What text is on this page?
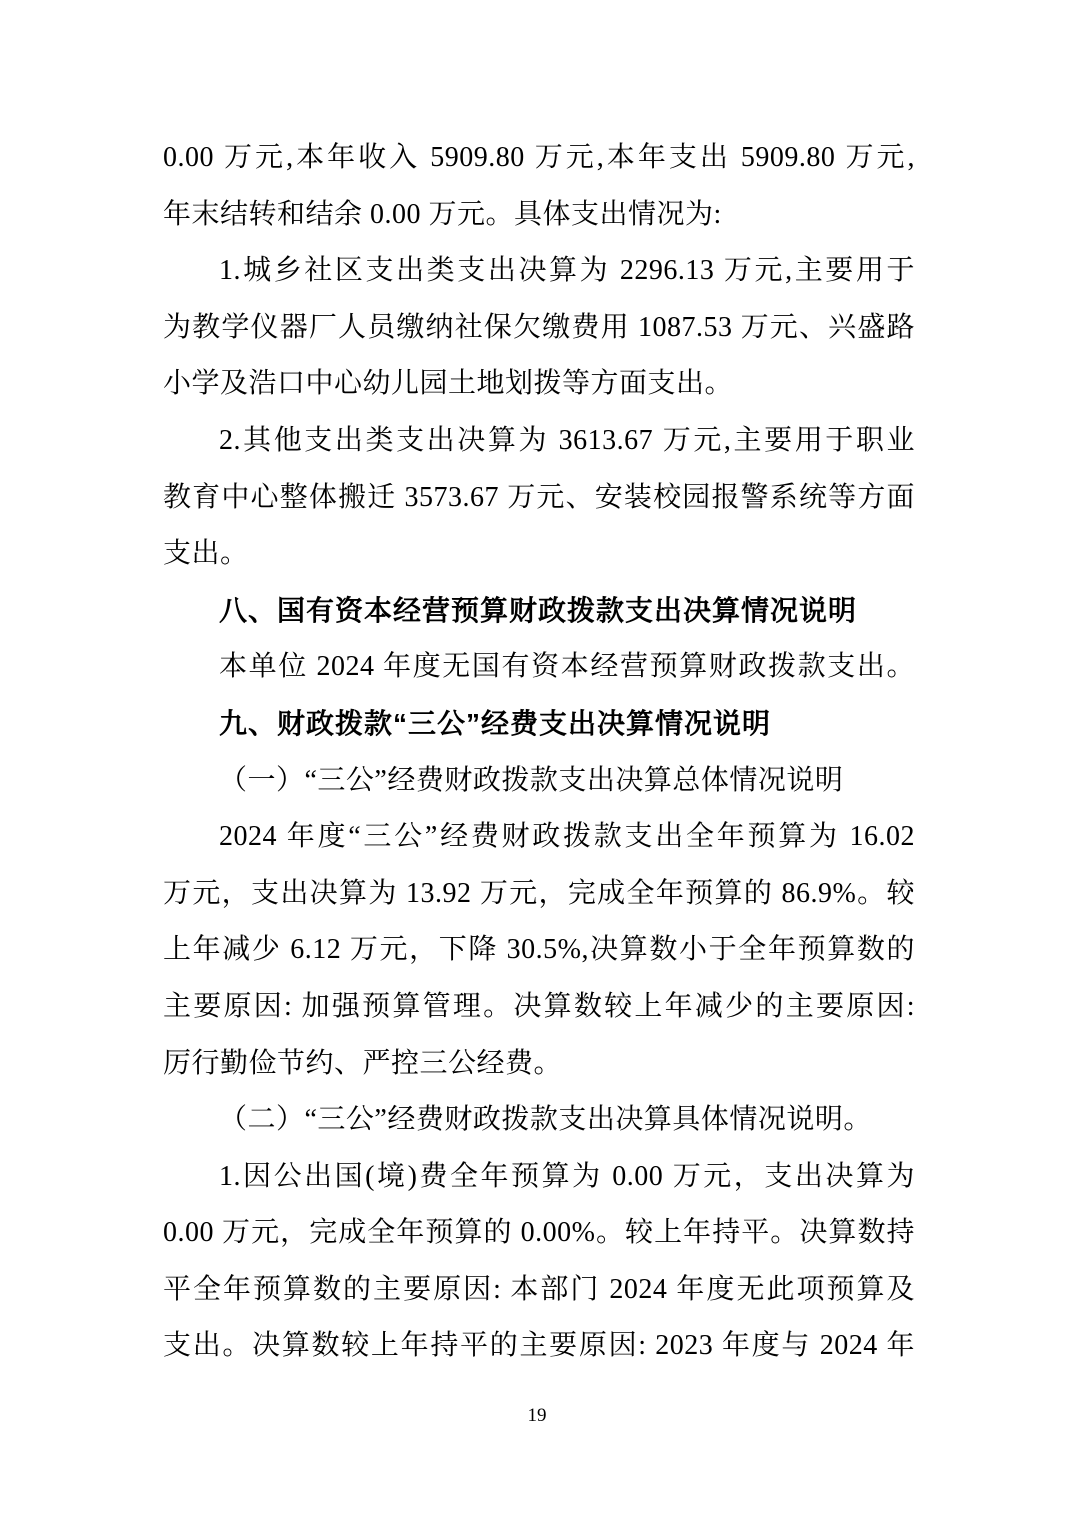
0.00 万元,本年收入 5909.80 万元,本年支出 5909.80 万元,
年末结转和结余 0.00 万元。具体支出情况为:
1.城乡社区支出类支出决算为 2296.13 万元,主要用于
为教学仪器厂人员缴纳社保欠缴费用 1087.53 万元、兴盛路
小学及浩口中心幼儿园土地划拨等方面支出。
2.其他支出类支出决算为 3613.67 万元,主要用于职业
教育中心整体搬迁 3573.67 万元、安装校园报警系统等方面
支出。
八、国有资本经营预算财政拨款支出决算情况说明
本单位 2024 年度无国有资本经营预算财政拨款支出。
九、财政拨款“三公”经费支出决算情况说明
（一）“三公”经费财政拨款支出决算总体情况说明
2024 年度“三公”经费财政拨款支出全年预算为 16.02
万元，支出决算为 13.92 万元，完成全年预算的 86.9%。较
上年减少 6.12 万元，下降 30.5%,决算数小于全年预算数的
主要原因: 加强预算管理。决算数较上年减少的主要原因:
厉行勤俭节约、严控三公经费。
（二）“三公”经费财政拨款支出决算具体情况说明。
1.因公出国(境)费全年预算为 0.00 万元，支出决算为
0.00 万元，完成全年预算的 0.00%。较上年持平。决算数持
平全年预算数的主要原因: 本部门 2024 年度无此项预算及
支出。决算数较上年持平的主要原因: 2023 年度与 2024 年
19
